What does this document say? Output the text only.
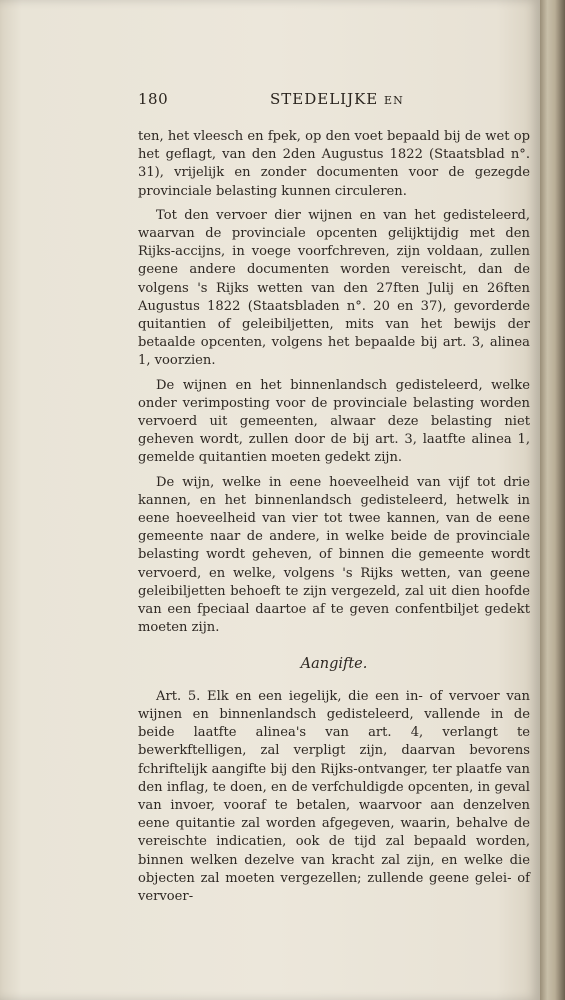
180	STEDELIJKE EN

ten, het vleesch en fpek, op den voet bepaald bij de wet op het geflagt, van den 2den Augustus 1822 (Staatsblad n°. 31), vrijelijk en zonder documenten voor de gezegde provinciale belasting kunnen circuleren.

Tot den vervoer dier wijnen en van het gedisteleerd, waarvan de provinciale opcenten gelijktijdig met den Rijks-accijns, in voege voorfchreven, zijn voldaan, zullen geene andere documenten worden vereischt, dan de volgens 's Rijks wetten van den 27ften Julij en 26ften Augustus 1822 (Staatsbladen n°. 20 en 37), gevorderde quitantien of geleibiljetten, mits van het bewijs der betaalde opcenten, volgens het bepaalde bij art. 3, alinea 1, voorzien.

De wijnen en het binnenlandsch gedisteleerd, welke onder verimposting voor de provinciale belasting worden vervoerd uit gemeenten, alwaar deze belasting niet geheven wordt, zullen door de bij art. 3, laatfte alinea 1, gemelde quitantien moeten gedekt zijn.

De wijn, welke in eene hoeveelheid van vijf tot drie kannen, en het binnenlandsch gedisteleerd, hetwelk in eene hoeveelheid van vier tot twee kannen, van de eene gemeente naar de andere, in welke beide de provinciale belasting wordt geheven, of binnen die gemeente wordt vervoerd, en welke, volgens 's Rijks wetten, van geene geleibiljetten behoeft te zijn vergezeld, zal uit dien hoofde van een fpeciaal daartoe af te geven confentbiljet gedekt moeten zijn.

Aangifte.

Art. 5. Elk en een iegelijk, die een in- of vervoer van wijnen en binnenlandsch gedisteleerd, vallende in de beide laatfte alinea's van art. 4, verlangt te bewerkftelligen, zal verpligt zijn, daarvan bevorens fchriftelijk aangifte bij den Rijks-ontvanger, ter plaatfe van den inflag, te doen, en de verfchuldigde opcenten, in geval van invoer, vooraf te betalen, waarvoor aan denzelven eene quitantie zal worden afgegeven, waarin, behalve de vereischte indicatien, ook de tijd zal bepaald worden, binnen welken dezelve van kracht zal zijn, en welke die objecten zal moeten vergezellen; zullende geene gelei- of vervoer-
